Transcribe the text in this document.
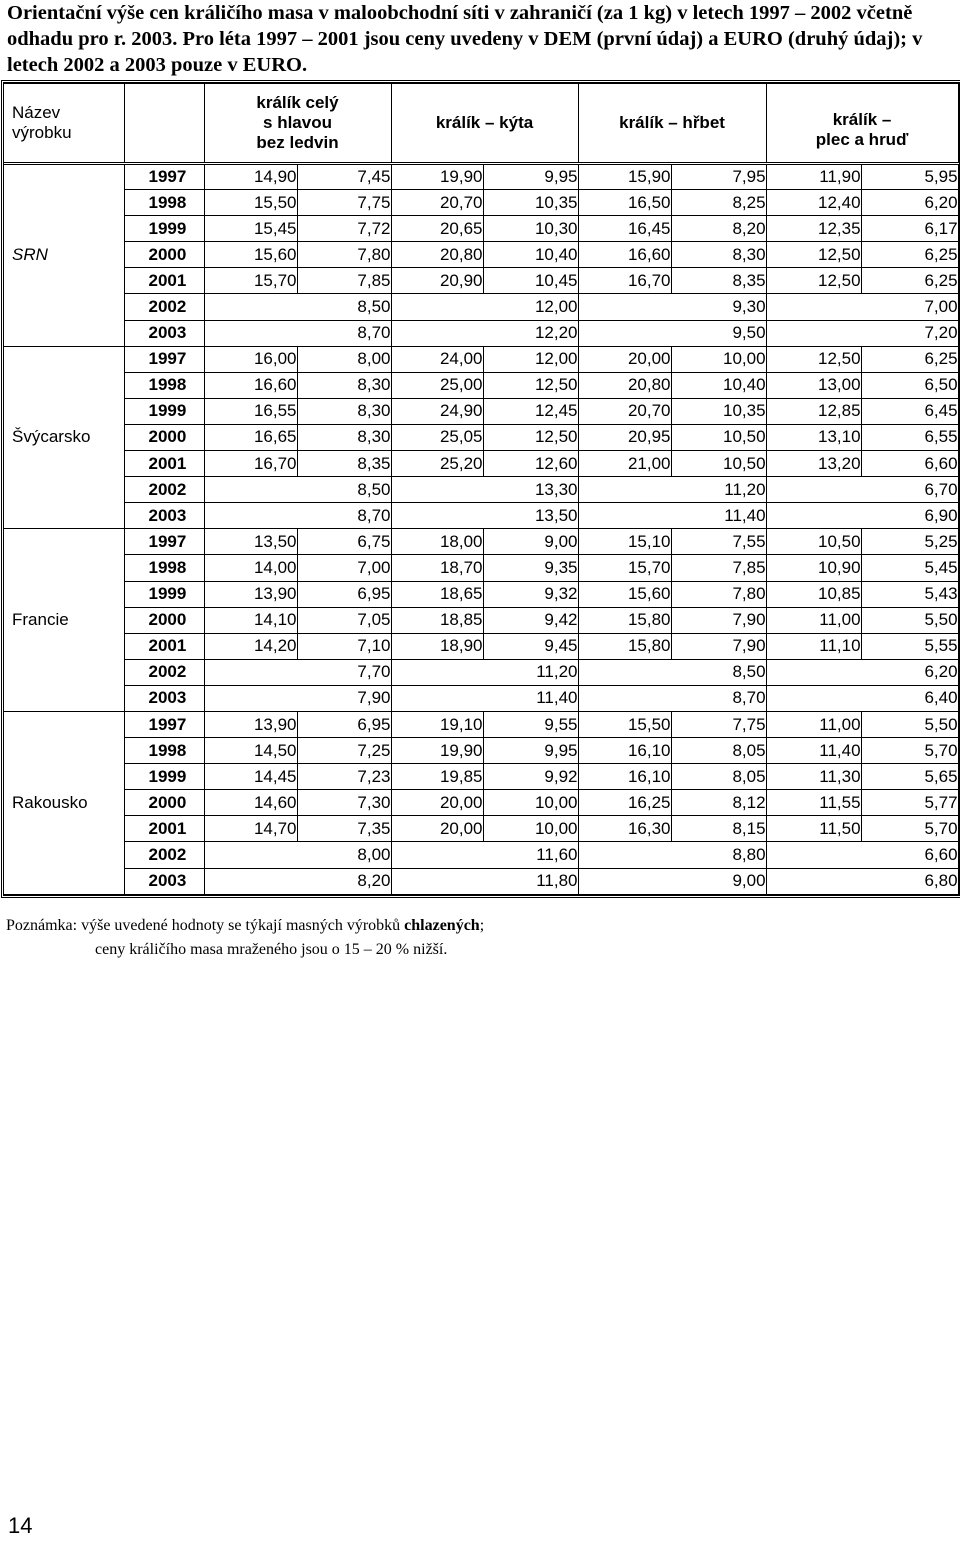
Orientační výše cen králičího masa v maloobchodní síti v zahraničí (za 1 kg) v letech 1997 – 2002 včetně odhadu pro r. 2003. Pro léta 1997 – 2001 jsou ceny uvedeny v DEM (první údaj) a EURO (druhý údaj); v letech 2002 a 2003 pouze v EURO.

Název výrobku		králík celý
s hlavou
bez ledvin		králík – kýta		králík – hřbet		králík –
plec a hruď	
SRN	1997	14,90	7,45	19,90	9,95	15,90	7,95	11,90	5,95
	1998	15,50	7,75	20,70	10,35	16,50	8,25	12,40	6,20
	1999	15,45	7,72	20,65	10,30	16,45	8,20	12,35	6,17
	2000	15,60	7,80	20,80	10,40	16,60	8,30	12,50	6,25
	2001	15,70	7,85	20,90	10,45	16,70	8,35	12,50	6,25
	2002	8,50		12,00		9,30		7,00	
	2003	8,70		12,20		9,50		7,20	
Švýcarsko	1997	16,00	8,00	24,00	12,00	20,00	10,00	12,50	6,25
	1998	16,60	8,30	25,00	12,50	20,80	10,40	13,00	6,50
	1999	16,55	8,30	24,90	12,45	20,70	10,35	12,85	6,45
	2000	16,65	8,30	25,05	12,50	20,95	10,50	13,10	6,55
	2001	16,70	8,35	25,20	12,60	21,00	10,50	13,20	6,60
	2002	8,50		13,30		11,20		6,70	
	2003	8,70		13,50		11,40		6,90	
Francie	1997	13,50	6,75	18,00	9,00	15,10	7,55	10,50	5,25
	1998	14,00	7,00	18,70	9,35	15,70	7,85	10,90	5,45
	1999	13,90	6,95	18,65	9,32	15,60	7,80	10,85	5,43
	2000	14,10	7,05	18,85	9,42	15,80	7,90	11,00	5,50
	2001	14,20	7,10	18,90	9,45	15,80	7,90	11,10	5,55
	2002	7,70		11,20		8,50		6,20	
	2003	7,90		11,40		8,70		6,40	
Rakousko	1997	13,90	6,95	19,10	9,55	15,50	7,75	11,00	5,50
	1998	14,50	7,25	19,90	9,95	16,10	8,05	11,40	5,70
	1999	14,45	7,23	19,85	9,92	16,10	8,05	11,30	5,65
	2000	14,60	7,30	20,00	10,00	16,25	8,12	11,55	5,77
	2001	14,70	7,35	20,00	10,00	16,30	8,15	11,50	5,70
	2002	8,00		11,60		8,80		6,60	
	2003	8,20		11,80		9,00		6,80	
Poznámka: výše uvedené hodnoty se týkají masných výrobků chlazených;
ceny králičího masa mraženého jsou o 15 – 20 % nižší.
14
